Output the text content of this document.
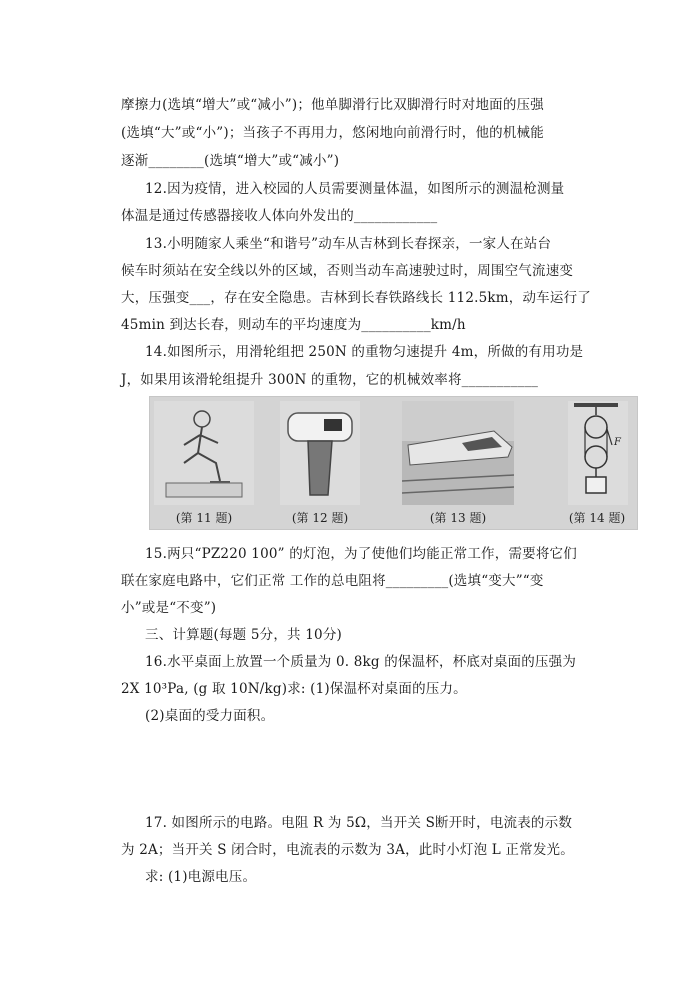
摩擦力(选填“增大”或“减小”)；他单脚滑行比双脚滑行时对地面的压强
(选填“大”或“小”)；当孩子不再用力，悠闲地向前滑行时，他的机械能
逐渐________(选填“增大”或“减小”)
12.因为疫情，进入校园的人员需要测量体温，如图所示的测温枪测量
体温是通过传感器接收人体向外发出的____________
13.小明随家人乘坐“和谐号”动车从吉林到长春探亲，一家人在站台
候车时须站在安全线以外的区域，否则当动车高速驶过时，周围空气流速变
大，压强变___，存在安全隐患。吉林到长春铁路线长 112.5km，动车运行了
45min 到达长春，则动车的平均速度为__________km/h
14.如图所示，用滑轮组把 250N 的重物匀速提升 4m，所做的有用功是
J，如果用该滑轮组提升 300N 的重物，它的机械效率将___________
(第 11 题)	(第 12 题)	(第 13 题)
F
(第 14 题)
15.两只“PZ220 100” 的灯泡，为了使他们均能正常工作，需要将它们
联在家庭电路中，它们正常 工作的总电阻将_________(选填“变大”“变
小”或是“不变”)
三、计算题(每题 5分，共 10分)
16.水平桌面上放置一个质量为 0. 8kg 的保温杯，杯底对桌面的压强为
2X 10³Pa, (g 取 10N/kg)求: (1)保温杯对桌面的压力。
(2)桌面的受力面积。
17. 如图所示的电路。电阻 R 为 5Ω，当开关 S断开时，电流表的示数
为 2A；当开关 S 闭合时，电流表的示数为 3A，此时小灯泡 L 正常发光。
求: (1)电源电压。
